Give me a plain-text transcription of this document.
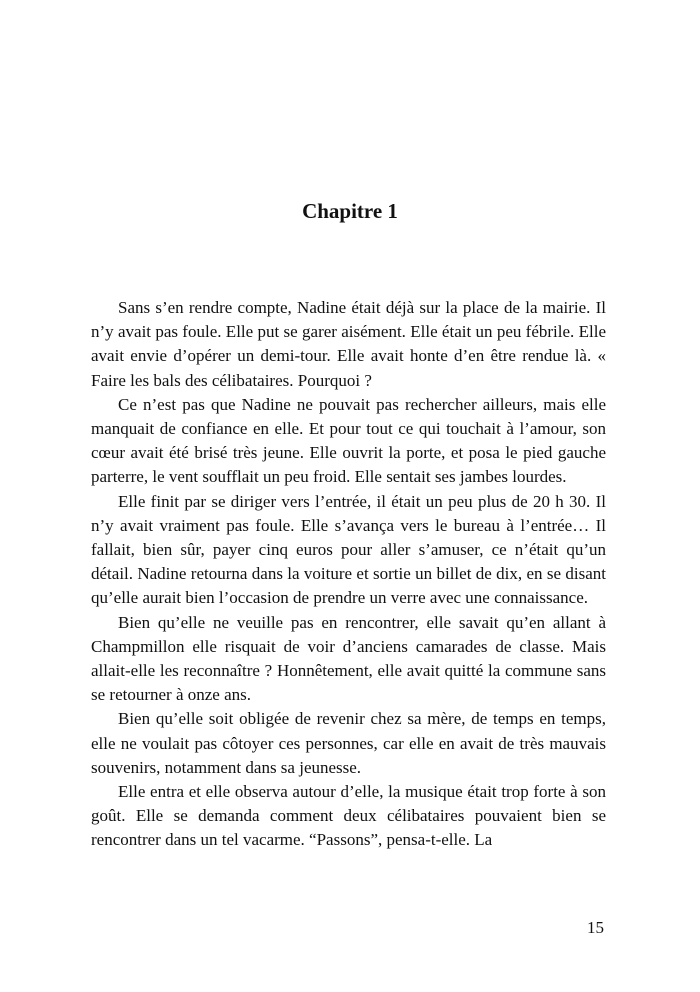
Chapitre 1

Sans s’en rendre compte, Nadine était déjà sur la place de la mairie. Il n’y avait pas foule. Elle put se garer aisément. Elle était un peu fébrile. Elle avait envie d’opérer un demi-tour. Elle avait honte d’en être rendue là. « Faire les bals des célibataires. Pourquoi ?

Ce n’est pas que Nadine ne pouvait pas rechercher ailleurs, mais elle manquait de confiance en elle. Et pour tout ce qui touchait à l’amour, son cœur avait été brisé très jeune. Elle ouvrit la porte, et posa le pied gauche parterre, le vent soufflait un peu froid. Elle sentait ses jambes lourdes.

Elle finit par se diriger vers l’entrée, il était un peu plus de 20 h 30. Il n’y avait vraiment pas foule. Elle s’avança vers le bureau à l’entrée… Il fallait, bien sûr, payer cinq euros pour aller s’amuser, ce n’était qu’un détail. Nadine retourna dans la voiture et sortie un billet de dix, en se disant qu’elle aurait bien l’occasion de prendre un verre avec une connaissance.

Bien qu’elle ne veuille pas en rencontrer, elle savait qu’en allant à Champmillon elle risquait de voir d’anciens camarades de classe. Mais allait-elle les reconnaître ? Honnêtement, elle avait quitté la commune sans se retourner à onze ans.

Bien qu’elle soit obligée de revenir chez sa mère, de temps en temps, elle ne voulait pas côtoyer ces personnes, car elle en avait de très mauvais souvenirs, notamment dans sa jeunesse.

Elle entra et elle observa autour d’elle, la musique était trop forte à son goût. Elle se demanda comment deux célibataires pouvaient bien se rencontrer dans un tel vacarme. “Passons”, pensa-t-elle. La

15
